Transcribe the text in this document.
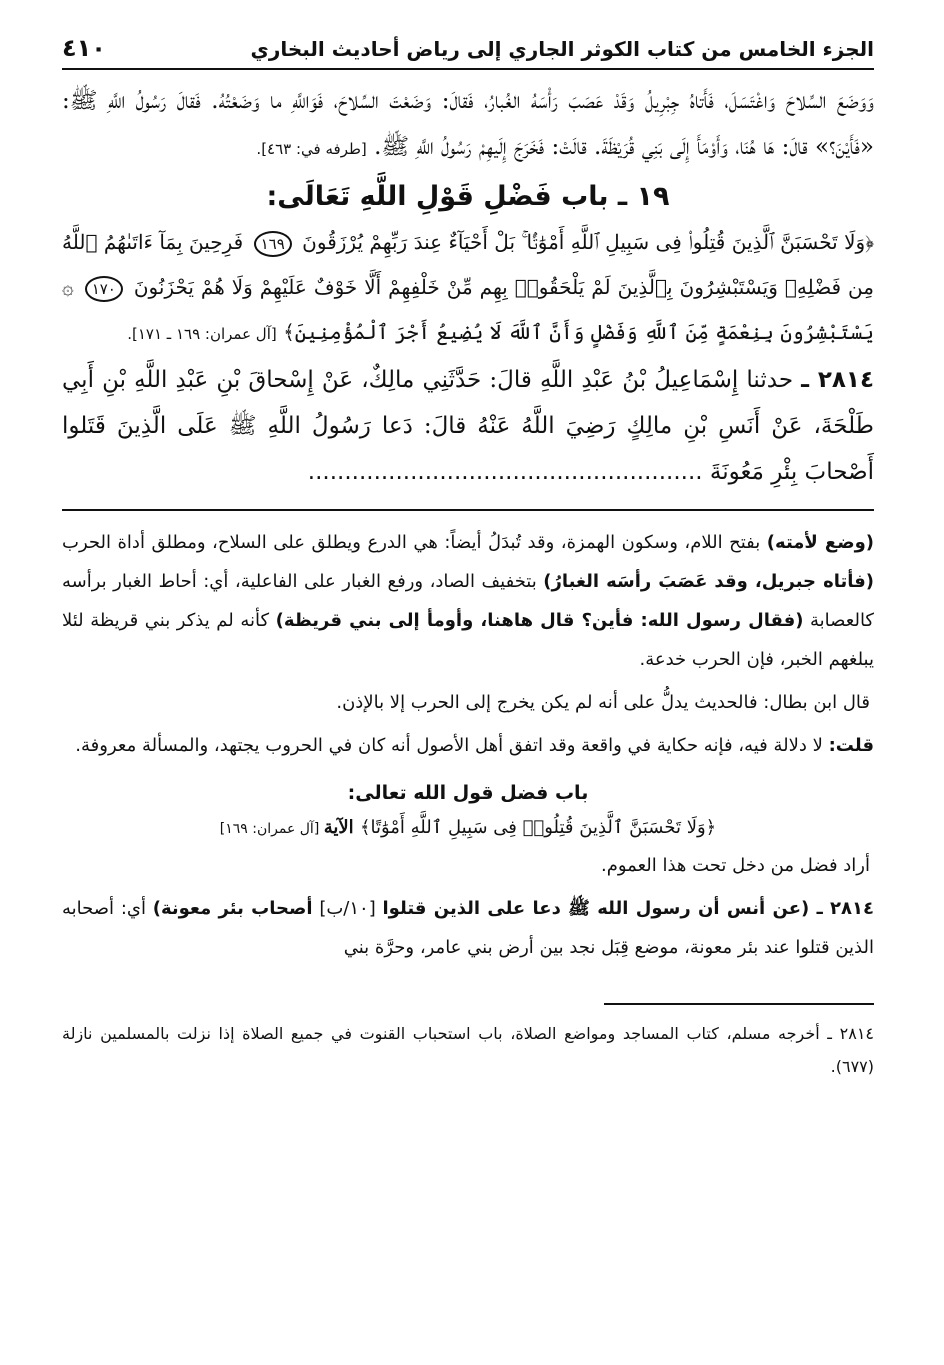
الجزء الخامس من كتاب الكوثر الجاري إلى رياض أحاديث البخاري
٤١٠

وَوَضَعَ السِّلاحَ وَاغْتَسَلَ، فَأَتاهُ جِبْرِيلُ وَقَدْ عَصَبَ رَأْسَهُ الغُبارُ، فَقالَ: وَضَعْتَ السِّلاحَ، فَوَاللَّهِ ما وَضَعْتُهُ. فَقالَ رَسُولُ اللَّهِ ﷺ: «فَأَيْنَ؟» قالَ: هَا هُنَا، وَأَوْمَأَ إِلَى بَنِي قُرَيْظَةَ. قالَتْ: فَخَرَجَ إِلَيهِمْ رَسُولُ اللَّهِ ﷺ. [طرفه في: ٤٦٣].

١٩ ـ باب فَضْلِ قَوْلِ اللَّهِ تَعَالَى:

﴿وَلَا تَحْسَبَنَّ ٱلَّذِينَ قُتِلُوا۟ فِى سَبِيلِ ٱللَّهِ أَمْوَٰتًۢا ۚ بَلْ أَحْيَآءٌ عِندَ رَبِّهِمْ يُرْزَقُونَ ١٦٩ فَرِحِينَ بِمَآ ءَاتَىٰهُمُ ٱللَّهُ مِن فَضْلِهِۦ وَيَسْتَبْشِرُونَ بِٱلَّذِينَ لَمْ يَلْحَقُوا۟ بِهِم مِّنْ خَلْفِهِمْ أَلَّا خَوْفٌ عَلَيْهِمْ وَلَا هُمْ يَحْزَنُونَ ١٧٠ ۞ يَسْتَبْشِرُونَ بِنِعْمَةٍ مِّنَ ٱللَّهِ وَفَضْلٍ وَأَنَّ ٱللَّهَ لَا يُضِيعُ أَجْرَ ٱلْمُؤْمِنِينَ﴾ [آل عمران: ١٦٩ ـ ١٧١].

٢٨١٤ ـ حدثنا إِسْمَاعِيلُ بْنُ عَبْدِ اللَّهِ قالَ: حَدَّثَنِي مالِكٌ، عَنْ إِسْحاقَ بْنِ عَبْدِ اللَّهِ بْنِ أَبِي طَلْحَةَ، عَنْ أَنَسِ بْنِ مالِكٍ رَضِيَ اللَّهُ عَنْهُ قالَ: دَعا رَسُولُ اللَّهِ ﷺ عَلَى الَّذِينَ قَتَلوا أَصْحابَ بِئْرِ مَعُونَةَ ......................................................

(وضع لأمته) بفتح اللام، وسكون الهمزة، وقد تُبدَلُ أيضاً: هي الدرع ويطلق على السلاح، ومطلق أداة الحرب (فأتاه جبريل، وقد عَصَبَ رأسَه الغبارُ) بتخفيف الصاد، ورفع الغبار على الفاعلية، أي: أحاط الغبار برأسه كالعصابة (فقال رسول الله: فأين؟ قال هاهنا، وأومأ إلى بني قريظة) كأنه لم يذكر بني قريظة لئلا يبلغهم الخبر، فإن الحرب خدعة.

قال ابن بطال: فالحديث يدلُّ على أنه لم يكن يخرج إلى الحرب إلا بالإذن.

قلت: لا دلالة فيه، فإنه حكاية في واقعة وقد اتفق أهل الأصول أنه كان في الحروب يجتهد، والمسألة معروفة.

باب فضل قول الله تعالى:

﴿وَلَا تَحْسَبَنَّ ٱلَّذِينَ قُتِلُوا۟ فِى سَبِيلِ ٱللَّهِ أَمْوَٰتًا﴾ الآية [آل عمران: ١٦٩]

أراد فضل من دخل تحت هذا العموم.

٢٨١٤ ـ (عن أنس أن رسول الله ﷺ دعا على الذين قتلوا [١٠/ب] أصحاب بئر معونة) أي: أصحابه الذين قتلوا عند بئر معونة، موضع قِبَل نجد بين أرض بني عامر، وحرَّة بني

٢٨١٤ ـ أخرجه مسلم، كتاب المساجد ومواضع الصلاة، باب استحباب القنوت في جميع الصلاة إذا نزلت بالمسلمين نازلة (٦٧٧).
